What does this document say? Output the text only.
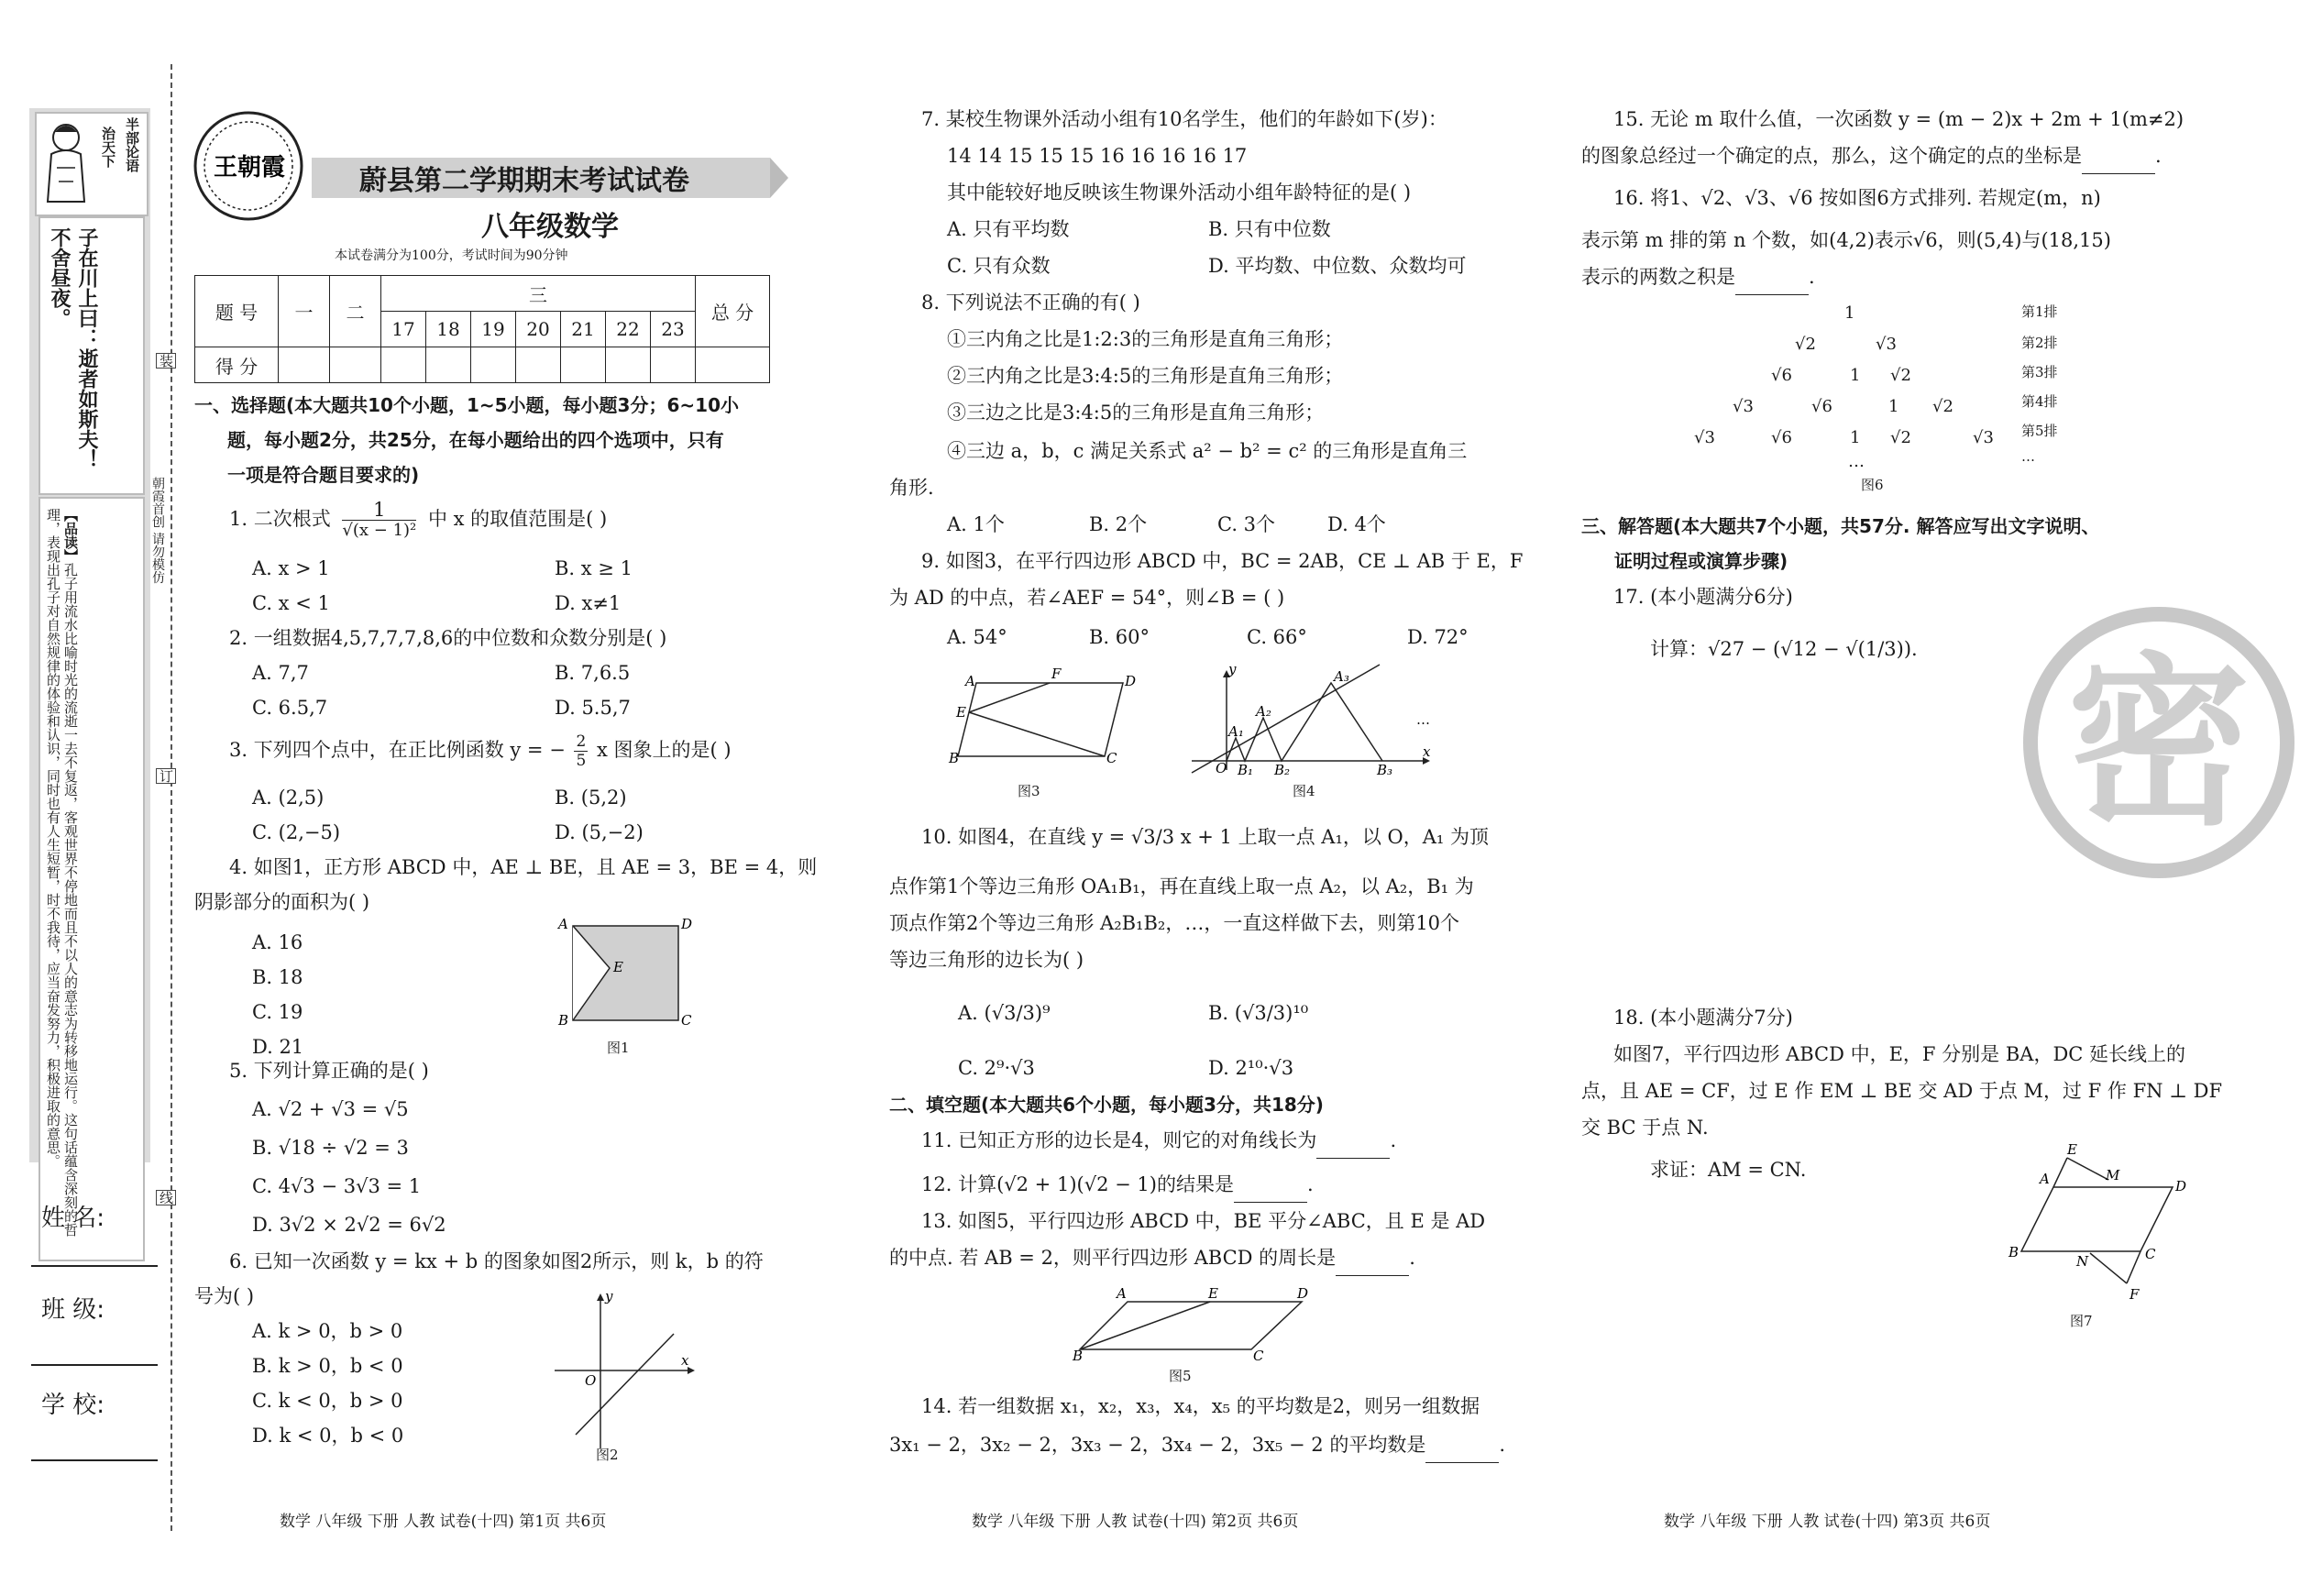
半部论语
治天下
子在川上曰：逝者如斯夫！不舍昼夜。
【品读】孔子用流水比喻时光的流逝一去不复返，客观世界不停地而且不以人的意志为转移地运行。这句话蕴含深刻的哲理，表现出孔子对自然规律的体验和认识，同时也有人生短暂，时不我待，应当奋发努力，积极进取的意思。
姓 名:
班 级:
学 校:
装
朝霞首创 请勿模仿
订
线
王朝霞	蔚县第二学期期末考试试卷
八年级数学
本试卷满分为100分，考试时间为90分钟
题 号	一	二	三							总 分
			17	18	19	20	21	22	23	
得 分										
一、选择题(本大题共10个小题，1~5小题，每小题3分；6~10小
题，每小题2分，共25分，在每小题给出的四个选项中，只有
一项是符合题目要求的)
1. 二次根式 $\frac{1}{\text{√(x − 1)²}}$ 中 x 的取值范围是( )
A. x > 1	B. x ≥ 1
C. x < 1	D. x≠1
2. 一组数据4,5,7,7,7,8,6的中位数和众数分别是( )
A. 7,7	B. 7,6.5
C. 6.5,7	D. 5.5,7
3. 下列四个点中，在正比例函数 y = − $\frac{2}{5}$ x 图象上的是( )
A. (2,5)	B. (5,2)
C. (2,−5)	D. (5,−2)
4. 如图1，正方形 ABCD 中，AE ⊥ BE，且 AE = 3，BE = 4，则
阴影部分的面积为( )
A. 16
B. 18
C. 19
D. 21
A	D
E
B	C
图1
5. 下列计算正确的是( )
A. √2 + √3 = √5
B. √18 ÷ √2 = 3
C. 4√3 − 3√3 = 1
D. 3√2 × 2√2 = 6√2
6. 已知一次函数 y = kx + b 的图象如图2所示，则 k，b 的符
号为( )
A. k > 0，b > 0
B. k > 0，b < 0
C. k < 0，b > 0
D. k < 0，b < 0
y
x
O
图2
数学 八年级 下册 人教 试卷(十四) 第1页 共6页
7. 某校生物课外活动小组有10名学生，他们的年龄如下(岁)：
14 14 15 15 15 16 16 16 16 17
其中能较好地反映该生物课外活动小组年龄特征的是( )
A. 只有平均数	B. 只有中位数
C. 只有众数	D. 平均数、中位数、众数均可
8. 下列说法不正确的有( )
①三内角之比是1:2:3的三角形是直角三角形；
②三内角之比是3:4:5的三角形是直角三角形；
③三边之比是3:4:5的三角形是直角三角形；
④三边 a，b，c 满足关系式 a² − b² = c² 的三角形是直角三
角形.
A. 1个	B. 2个	C. 3个	D. 4个
9. 如图3，在平行四边形 ABCD 中，BC = 2AB，CE ⊥ AB 于 E，F
为 AD 的中点，若∠AEF = 54°，则∠B = ( )
A. 54°	B. 60°	C. 66°	D. 72°
A	D
F
E
B	C
图3
y
x
O
A₁
A₂
A₃
B₁ B₂	B₃
…
图4
10. 如图4，在直线 y = √3/3 x + 1 上取一点 A₁，以 O，A₁ 为顶
点作第1个等边三角形 OA₁B₁，再在直线上取一点 A₂，以 A₂，B₁ 为
顶点作第2个等边三角形 A₂B₁B₂，…，一直这样做下去，则第10个
等边三角形的边长为( )
A. (√3/3)⁹	B. (√3/3)¹⁰
C. 2⁹·√3	D. 2¹⁰·√3
二、填空题(本大题共6个小题，每小题3分，共18分)
11. 已知正方形的边长是4，则它的对角线长为	.
12. 计算(√2 + 1)(√2 − 1)的结果是	.
13. 如图5，平行四边形 ABCD 中，BE 平分∠ABC，且 E 是 AD
的中点. 若 AB = 2，则平行四边形 ABCD 的周长是	.
A	E	D
B	C
图5
14. 若一组数据 x₁，x₂，x₃，x₄，x₅ 的平均数是2，则另一组数据
3x₁ − 2，3x₂ − 2，3x₃ − 2，3x₄ − 2，3x₅ − 2 的平均数是	.
数学 八年级 下册 人教 试卷(十四) 第2页 共6页
密
15. 无论 m 取什么值，一次函数 y = (m − 2)x + 2m + 1(m≠2)
的图象总经过一个确定的点，那么，这个确定的点的坐标是	.
16. 将1、√2、√3、√6 按如图6方式排列. 若规定(m，n)
表示第 m 排的第 n 个数，如(4,2)表示√6，则(5,4)与(18,15)
表示的两数之积是	.
1
√2	√3
√6	1 √2
√3	√6	1 √2
√3	√6	1 √2	√3
…
第1排
第2排
第3排
第4排
第5排
…
图6
三、解答题(本大题共7个小题，共57分. 解答应写出文字说明、
证明过程或演算步骤)
17. (本小题满分6分)
计算：√27 − (√12 − √(1/3)).
18. (本小题满分7分)
如图7，平行四边形 ABCD 中，E，F 分别是 BA，DC 延长线上的
点，且 AE = CF，过 E 作 EM ⊥ BE 交 AD 于点 M，过 F 作 FN ⊥ DF
交 BC 于点 N.
求证：AM = CN.	A	D
B	C
E
F
M
N
图7
数学 八年级 下册 人教 试卷(十四) 第3页 共6页
